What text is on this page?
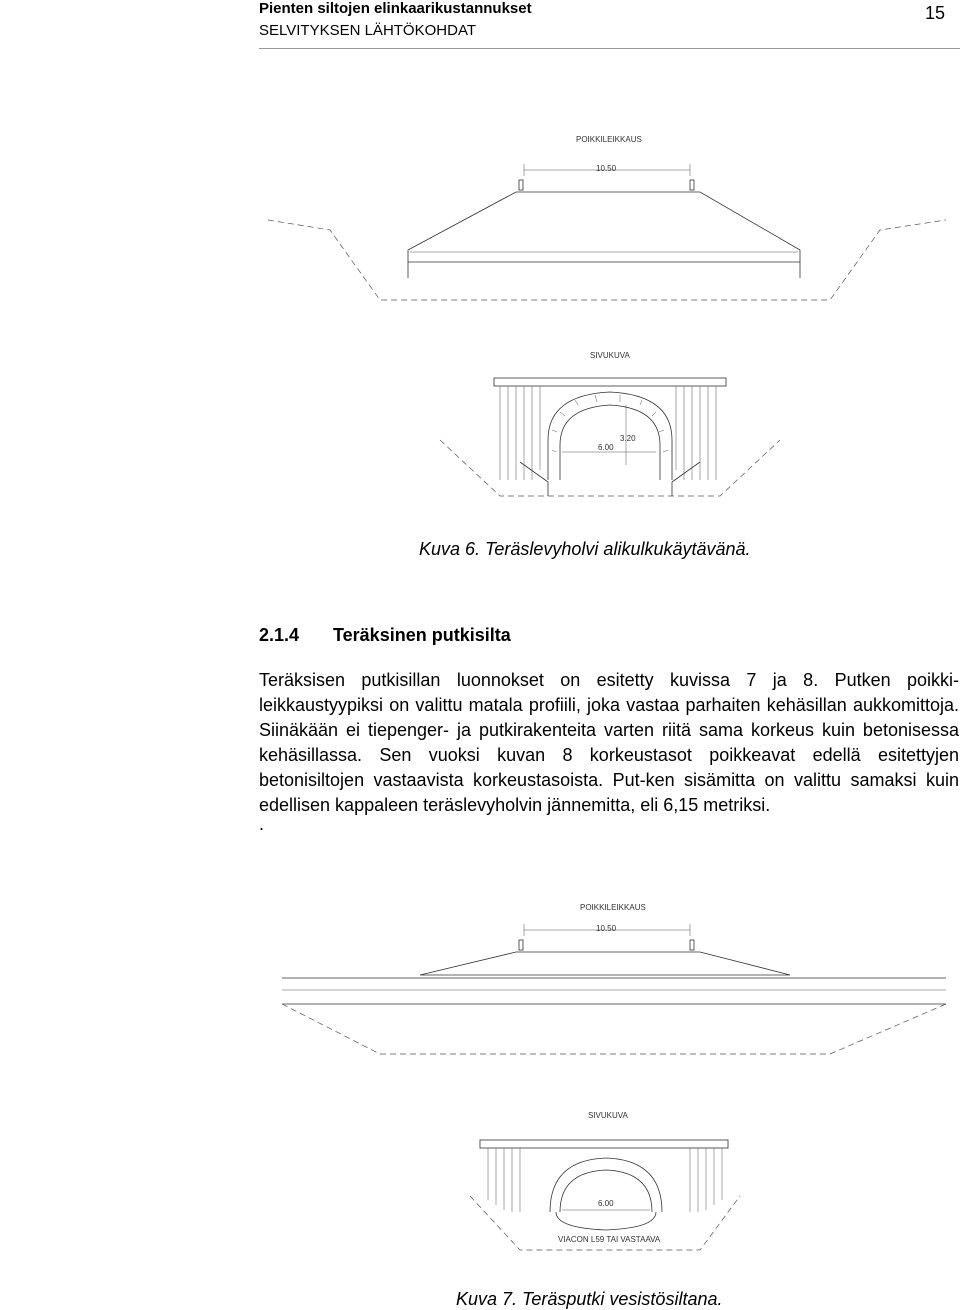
Pienten siltojen elinkaarikustannukset
SELVITYKSEN LÄHTÖKOHDAT
15
POIKKILEIKKAUS
10.50
SIVUKUVA
3.20
6.00
Kuva 6. Teräslevyholvi alikulkukäytävänä.
2.1.4 Teräksinen putkisilta

Teräksisen putkisillan luonnokset on esitetty kuvissa 7 ja 8. Putken poikki-leikkaustyypiksi on valittu matala profiili, joka vastaa parhaiten kehäsillan aukkomittoja. Siinäkään ei tiepenger- ja putkirakenteita varten riitä sama korkeus kuin betonisessa kehäsillassa. Sen vuoksi kuvan 8 korkeustasot poikkeavat edellä esitettyjen betonisiltojen vastaavista korkeustasoista. Put-ken sisämitta on valittu samaksi kuin edellisen kappaleen teräslevyholvin jännemitta, eli 6,15 metriksi.

.
POIKKILEIKKAUS
10.50
SIVUKUVA
6.00
VIACON L59 TAI VASTAAVA
Kuva 7. Teräsputki vesistösiltana.
